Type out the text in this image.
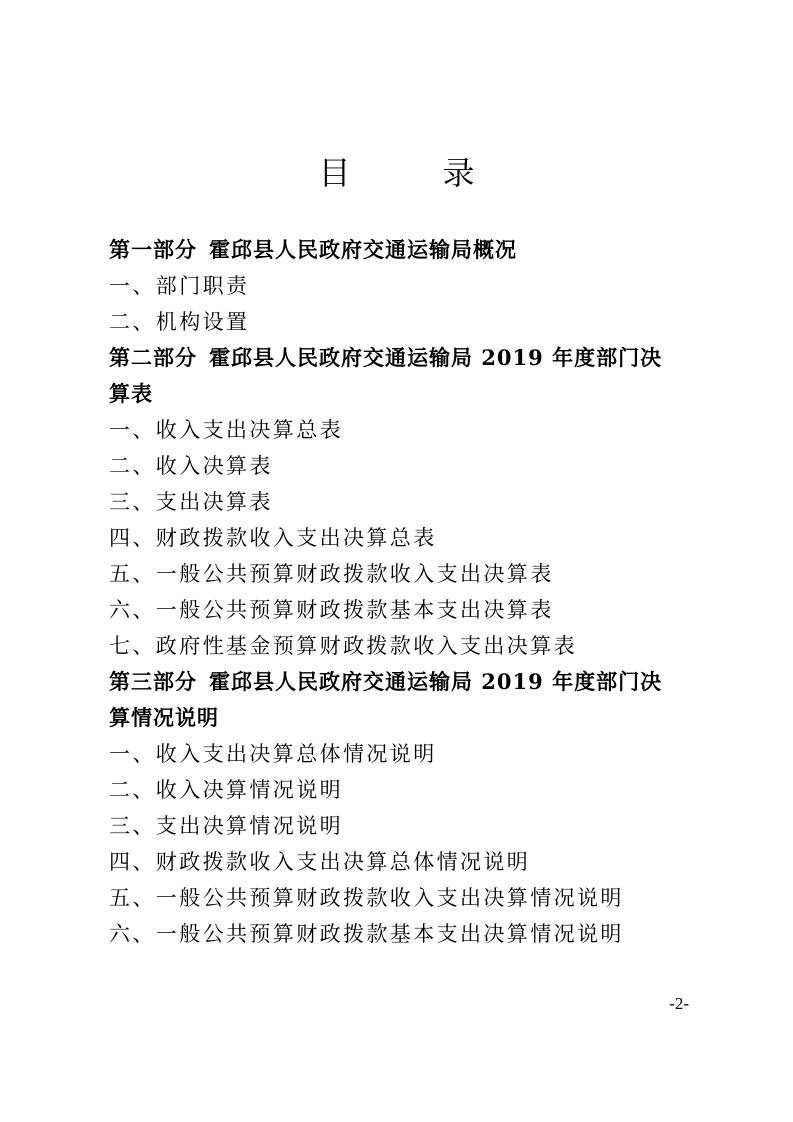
目　录
第一部分 霍邱县人民政府交通运输局概况
一、部门职责
二、机构设置
第二部分 霍邱县人民政府交通运输局 2019 年度部门决
算表
一、收入支出决算总表
二、收入决算表
三、支出决算表
四、财政拨款收入支出决算总表
五、一般公共预算财政拨款收入支出决算表
六、一般公共预算财政拨款基本支出决算表
七、政府性基金预算财政拨款收入支出决算表
第三部分 霍邱县人民政府交通运输局 2019 年度部门决
算情况说明
一、收入支出决算总体情况说明
二、收入决算情况说明
三、支出决算情况说明
四、财政拨款收入支出决算总体情况说明
五、一般公共预算财政拨款收入支出决算情况说明
六、一般公共预算财政拨款基本支出决算情况说明
-2-
